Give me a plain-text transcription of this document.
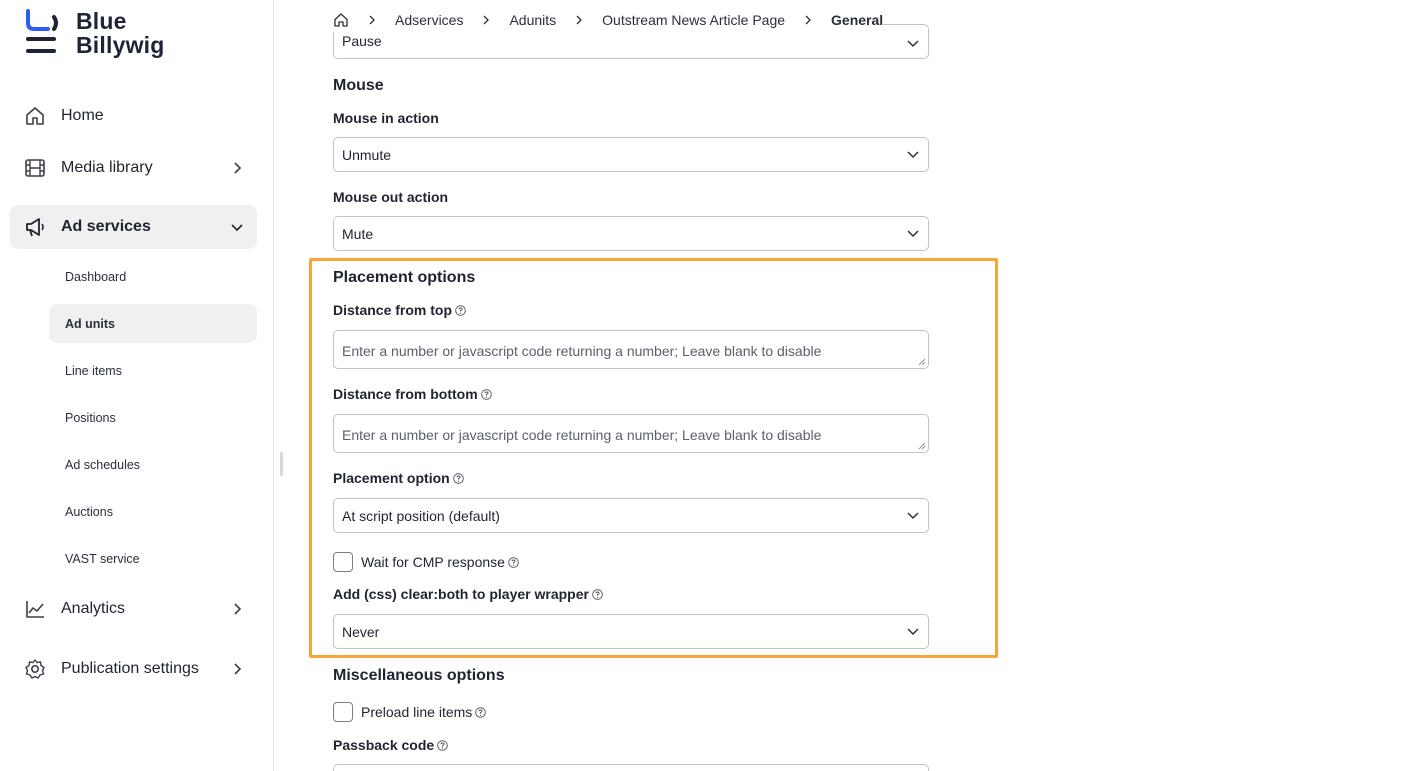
Blue
Billywig
Home
Media library
Ad services
Dashboard
Ad units
Line items
Positions
Ad schedules
Auctions
VAST service
Analytics
Publication settings
Adservices	Adunits	Outstream News Article Page	General
Pause
Mouse
Mouse in action
Unmute
Mouse out action
Mute
Placement options
Distance from top
Enter a number or javascript code returning a number; Leave blank to disable
Distance from bottom
Enter a number or javascript code returning a number; Leave blank to disable
Placement option
At script position (default)
Wait for CMP response
Add (css) clear:both to player wrapper
Never
Miscellaneous options
Preload line items
Passback code
